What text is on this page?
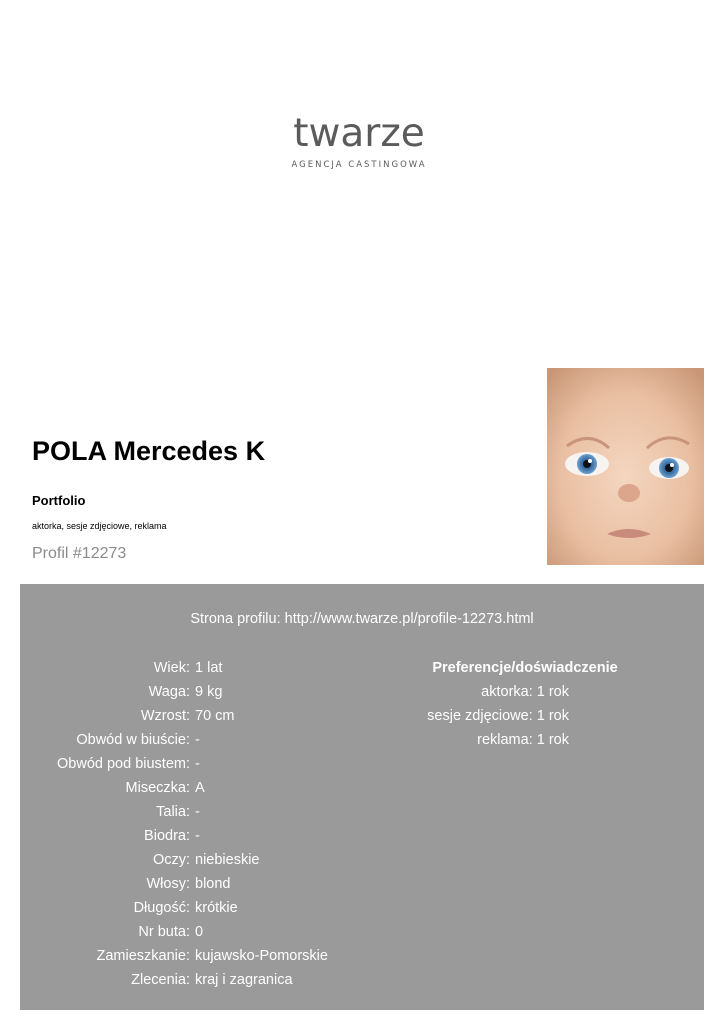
twarze
AGENCJA CASTINGOWA
POLA Mercedes K
Portfolio
aktorka, sesje zdjęciowe, reklama
Profil #12273
Strona profilu: http://www.twarze.pl/profile-12273.html
Wiek: 1 lat
Waga: 9 kg
Wzrost: 70 cm
Obwód w biuście: -
Obwód pod biustem: -
Miseczka: A
Talia: -
Biodra: -
Oczy: niebieskie
Włosy: blond
Długość: krótkie
Nr buta: 0
Zamieszkanie: kujawsko-Pomorskie
Zlecenia: kraj i zagranica
Preferencje/doświadczenie
aktorka: 1 rok
sesje zdjęciowe: 1 rok
reklama: 1 rok
